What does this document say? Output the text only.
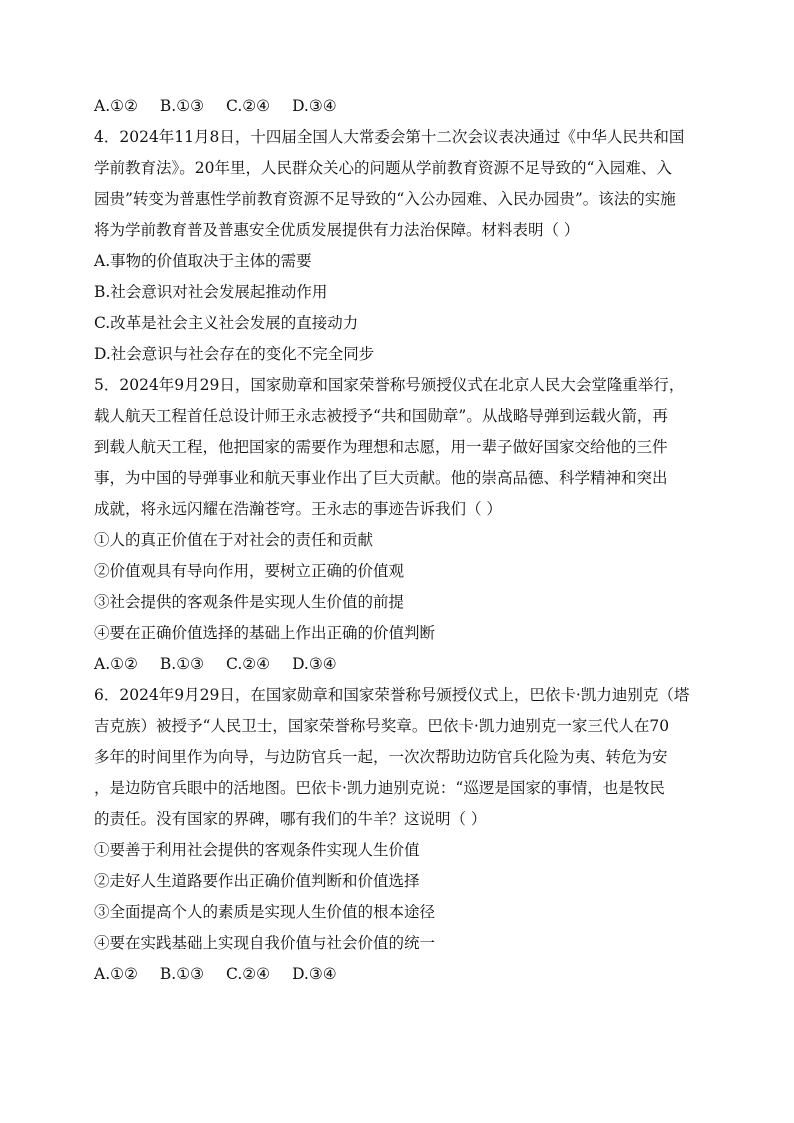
A.①② B.①③ C.②④ D.③④
4．2024年11月8日，十四届全国人大常委会第十二次会议表决通过《中华人民共和国
学前教育法》。20年里，人民群众关心的问题从学前教育资源不足导致的“入园难、入
园贵”转变为普惠性学前教育资源不足导致的“入公办园难、入民办园贵”。该法的实施
将为学前教育普及普惠安全优质发展提供有力法治保障。材料表明（ ）
A.事物的价值取决于主体的需要
B.社会意识对社会发展起推动作用
C.改革是社会主义社会发展的直接动力
D.社会意识与社会存在的变化不完全同步
5．2024年9月29日，国家勋章和国家荣誉称号颁授仪式在北京人民大会堂隆重举行，
载人航天工程首任总设计师王永志被授予“共和国勋章”。从战略导弹到运载火箭，再
到载人航天工程，他把国家的需要作为理想和志愿，用一辈子做好国家交给他的三件
事，为中国的导弹事业和航天事业作出了巨大贡献。他的崇高品德、科学精神和突出
成就，将永远闪耀在浩瀚苍穹。王永志的事迹告诉我们（ ）
①人的真正价值在于对社会的责任和贡献
②价值观具有导向作用，要树立正确的价值观
③社会提供的客观条件是实现人生价值的前提
④要在正确价值选择的基础上作出正确的价值判断
A.①② B.①③ C.②④ D.③④
6．2024年9月29日，在国家勋章和国家荣誉称号颁授仪式上，巴依卡·凯力迪别克（塔
吉克族）被授予“人民卫士，国家荣誉称号奖章。巴依卡·凯力迪别克一家三代人在70
多年的时间里作为向导，与边防官兵一起，一次次帮助边防官兵化险为夷、转危为安
，是边防官兵眼中的活地图。巴依卡·凯力迪别克说：“巡逻是国家的事情，也是牧民
的责任。没有国家的界碑，哪有我们的牛羊？这说明（ ）
①要善于利用社会提供的客观条件实现人生价值
②走好人生道路要作出正确价值判断和价值选择
③全面提高个人的素质是实现人生价值的根本途径
④要在实践基础上实现自我价值与社会价值的统一
A.①② B.①③ C.②④ D.③④
